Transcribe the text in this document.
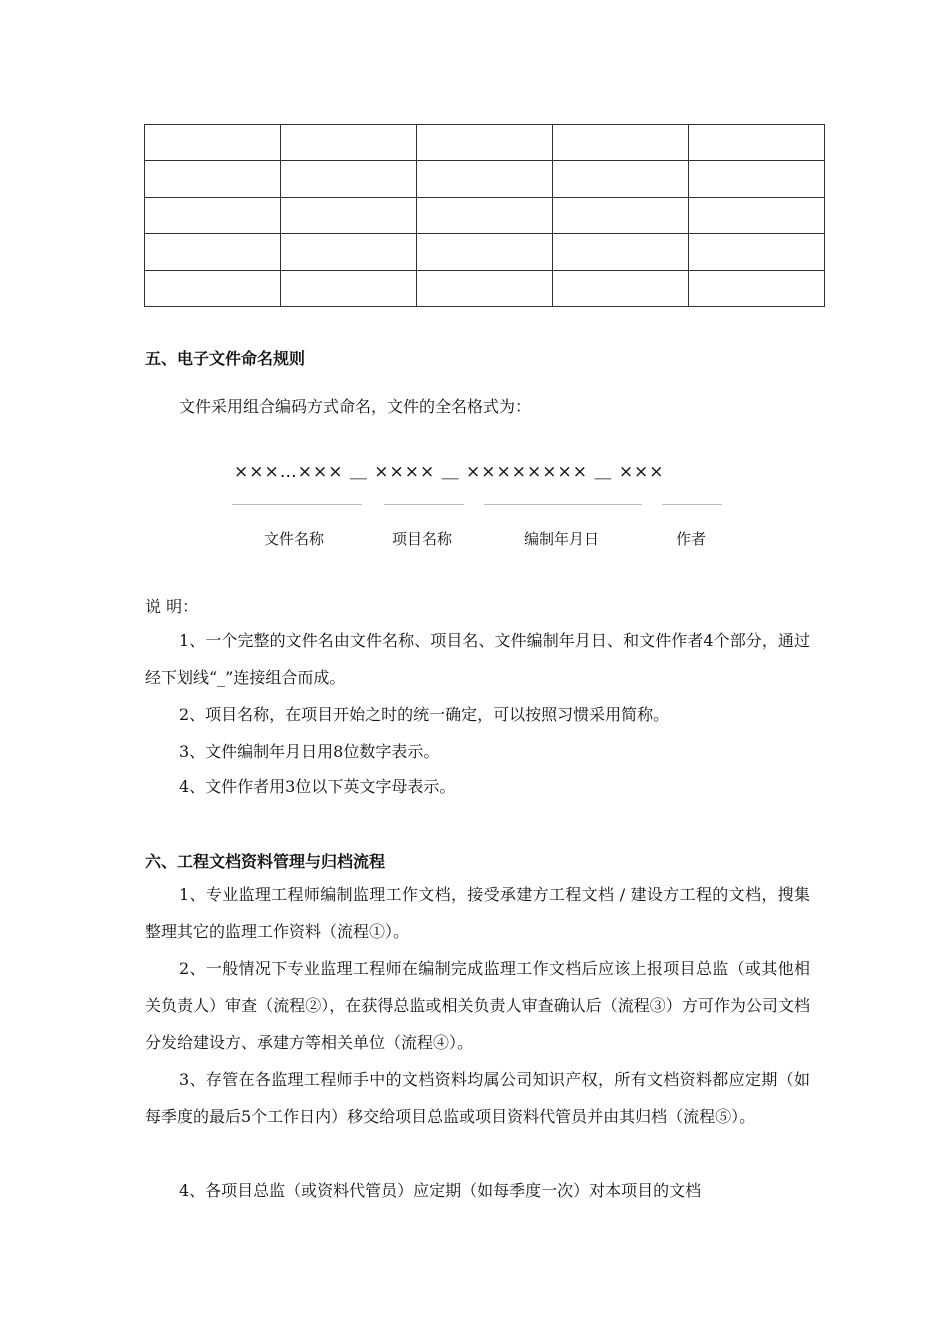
五、电子文件命名规则

文件采用组合编码方式命名，文件的全名格式为：

×××…××× ＿ ×××× ＿ ×××××××× ＿ ×××
文件名称	项目名称	编制年月日	作者

说 明：

1、一个完整的文件名由文件名称、项目名、文件编制年月日、和文件作者4个部分，通过经下划线“_”连接组合而成。

2、项目名称，在项目开始之时的统一确定，可以按照习惯采用简称。

3、文件编制年月日用8位数字表示。

4、文件作者用3位以下英文字母表示。

六、工程文档资料管理与归档流程

1、专业监理工程师编制监理工作文档，接受承建方工程文档 / 建设方工程的文档，搜集整理其它的监理工作资料（流程①）。

2、一般情况下专业监理工程师在编制完成监理工作文档后应该上报项目总监（或其他相关负责人）审查（流程②），在获得总监或相关负责人审查确认后（流程③）方可作为公司文档分发给建设方、承建方等相关单位（流程④）。

3、存管在各监理工程师手中的文档资料均属公司知识产权，所有文档资料都应定期（如每季度的最后5个工作日内）移交给项目总监或项目资料代管员并由其归档（流程⑤）。

4、各项目总监（或资料代管员）应定期（如每季度一次）对本项目的文档
